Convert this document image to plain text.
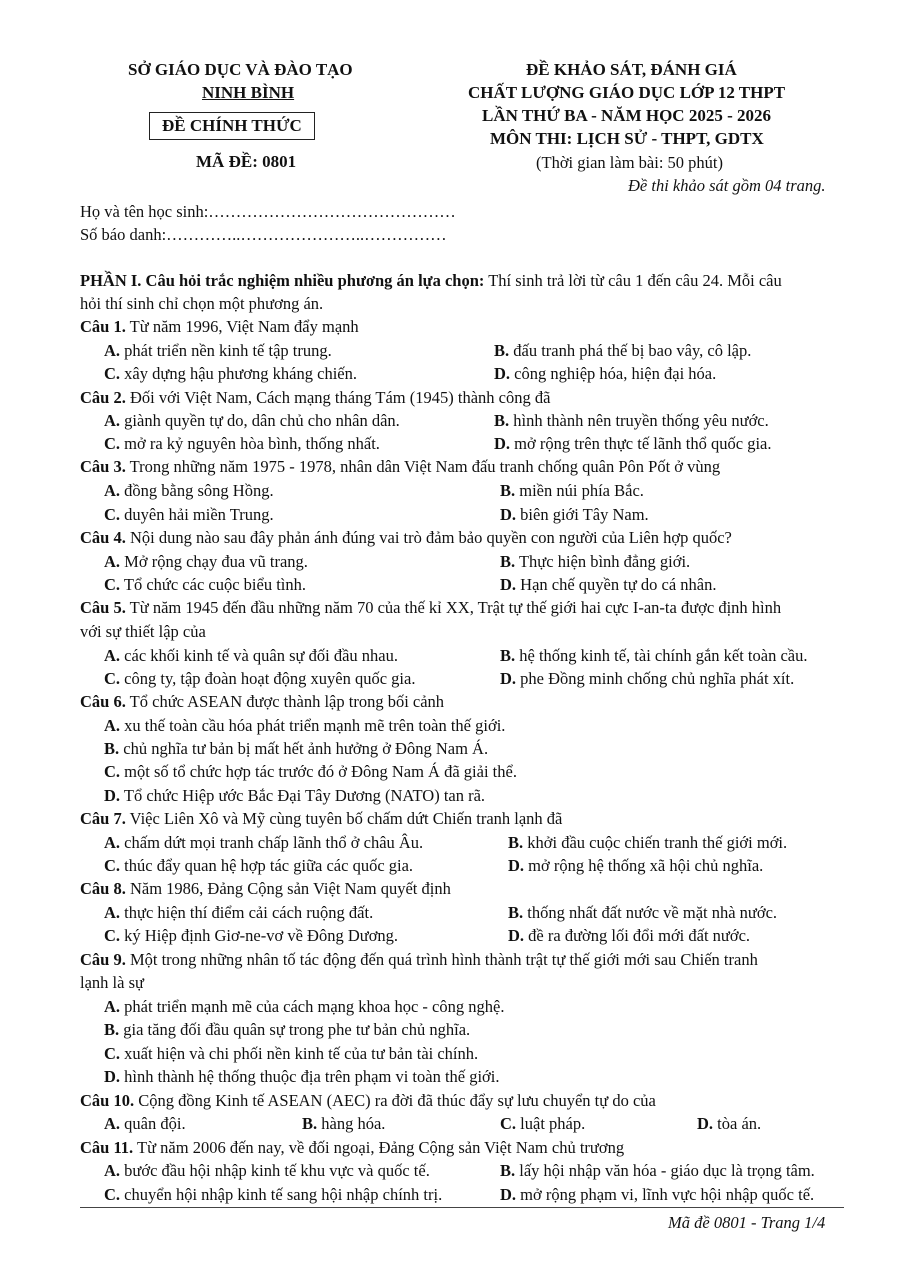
SỞ GIÁO DỤC VÀ ĐÀO TẠO
NINH BÌNH
ĐỀ CHÍNH THỨC
MÃ ĐỀ: 0801
ĐỀ KHẢO SÁT, ĐÁNH GIÁ
CHẤT LƯỢNG GIÁO DỤC LỚP 12 THPT
LẦN THỨ BA - NĂM HỌC 2025 - 2026
MÔN THI: LỊCH SỬ - THPT, GDTX
(Thời gian làm bài: 50 phút)
Đề thi khảo sát gồm 04 trang.
Họ và tên học sinh:………………………………………
Số báo danh:…………..…………………..……………
PHẦN I. Câu hỏi trắc nghiệm nhiều phương án lựa chọn: Thí sinh trả lời từ câu 1 đến câu 24. Mỗi câu
hỏi thí sinh chỉ chọn một phương án.
Câu 1. Từ năm 1996, Việt Nam đẩy mạnh
A. phát triển nền kinh tế tập trung.	B. đấu tranh phá thế bị bao vây, cô lập.
C. xây dựng hậu phương kháng chiến.	D. công nghiệp hóa, hiện đại hóa.
Câu 2. Đối với Việt Nam, Cách mạng tháng Tám (1945) thành công đã
A. giành quyền tự do, dân chủ cho nhân dân.	B. hình thành nên truyền thống yêu nước.
C. mở ra kỷ nguyên hòa bình, thống nhất.	D. mở rộng trên thực tế lãnh thổ quốc gia.
Câu 3. Trong những năm 1975 - 1978, nhân dân Việt Nam đấu tranh chống quân Pôn Pốt ở vùng
A. đồng bằng sông Hồng.	B. miền núi phía Bắc.
C. duyên hải miền Trung.	D. biên giới Tây Nam.
Câu 4. Nội dung nào sau đây phản ánh đúng vai trò đảm bảo quyền con người của Liên hợp quốc?
A. Mở rộng chạy đua vũ trang.	B. Thực hiện bình đẳng giới.
C. Tổ chức các cuộc biểu tình.	D. Hạn chế quyền tự do cá nhân.
Câu 5. Từ năm 1945 đến đầu những năm 70 của thế kỉ XX, Trật tự thế giới hai cực I-an-ta được định hình
với sự thiết lập của
A. các khối kinh tế và quân sự đối đầu nhau.	B. hệ thống kinh tế, tài chính gắn kết toàn cầu.
C. công ty, tập đoàn hoạt động xuyên quốc gia.	D. phe Đồng minh chống chủ nghĩa phát xít.
Câu 6. Tổ chức ASEAN được thành lập trong bối cảnh
A. xu thế toàn cầu hóa phát triển mạnh mẽ trên toàn thế giới.
B. chủ nghĩa tư bản bị mất hết ảnh hưởng ở Đông Nam Á.
C. một số tổ chức hợp tác trước đó ở Đông Nam Á đã giải thể.
D. Tổ chức Hiệp ước Bắc Đại Tây Dương (NATO) tan rã.
Câu 7. Việc Liên Xô và Mỹ cùng tuyên bố chấm dứt Chiến tranh lạnh đã
A. chấm dứt mọi tranh chấp lãnh thổ ở châu Âu.	B. khởi đầu cuộc chiến tranh thế giới mới.
C. thúc đẩy quan hệ hợp tác giữa các quốc gia.	D. mở rộng hệ thống xã hội chủ nghĩa.
Câu 8. Năm 1986, Đảng Cộng sản Việt Nam quyết định
A. thực hiện thí điểm cải cách ruộng đất.	B. thống nhất đất nước về mặt nhà nước.
C. ký Hiệp định Giơ-ne-vơ về Đông Dương.	D. đề ra đường lối đổi mới đất nước.
Câu 9. Một trong những nhân tố tác động đến quá trình hình thành trật tự thế giới mới sau Chiến tranh
lạnh là sự
A. phát triển mạnh mẽ của cách mạng khoa học - công nghệ.
B. gia tăng đối đầu quân sự trong phe tư bản chủ nghĩa.
C. xuất hiện và chi phối nền kinh tế của tư bản tài chính.
D. hình thành hệ thống thuộc địa trên phạm vi toàn thế giới.
Câu 10. Cộng đồng Kinh tế ASEAN (AEC) ra đời đã thúc đẩy sự lưu chuyển tự do của
A. quân đội.	B. hàng hóa.	C. luật pháp.	D. tòa án.
Câu 11. Từ năm 2006 đến nay, về đối ngoại, Đảng Cộng sản Việt Nam chủ trương
A. bước đầu hội nhập kinh tế khu vực và quốc tế.	B. lấy hội nhập văn hóa - giáo dục là trọng tâm.
C. chuyển hội nhập kinh tế sang hội nhập chính trị.	D. mở rộng phạm vi, lĩnh vực hội nhập quốc tế.
Mã đề 0801 - Trang 1/4
